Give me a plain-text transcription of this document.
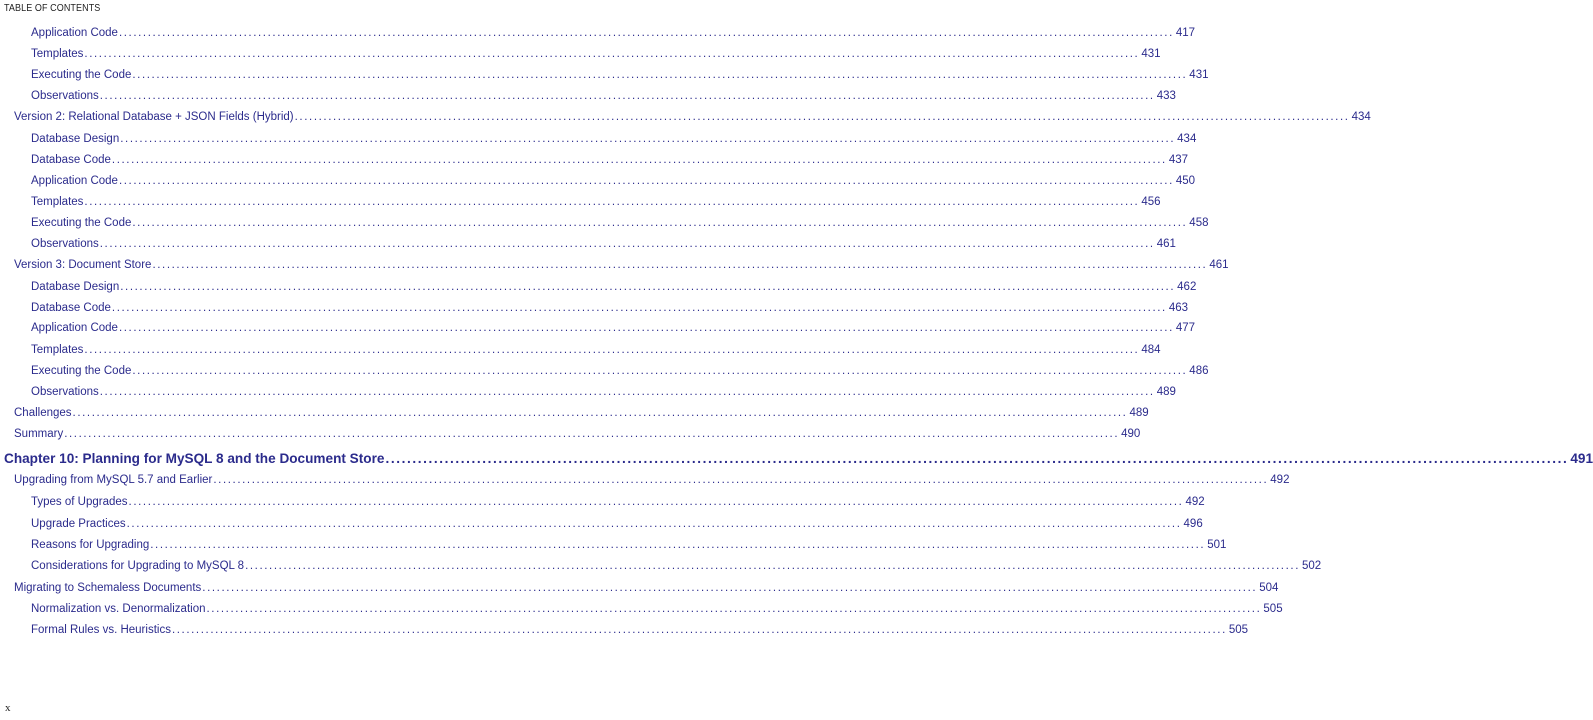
TABLE OF CONTENTS
Application Code ............................................................................................................................................................................................................................ 417
Templates ............................................................................................................................................................................................................................ 431
Executing the Code ............................................................................................................................................................................................................................ 431
Observations ............................................................................................................................................................................................................................ 433
Version 2: Relational Database + JSON Fields (Hybrid) ............................................................................................................................................................................................................................ 434
Database Design ............................................................................................................................................................................................................................ 434
Database Code ............................................................................................................................................................................................................................ 437
Application Code ............................................................................................................................................................................................................................ 450
Templates ............................................................................................................................................................................................................................ 456
Executing the Code ............................................................................................................................................................................................................................ 458
Observations ............................................................................................................................................................................................................................ 461
Version 3: Document Store ............................................................................................................................................................................................................................ 461
Database Design ............................................................................................................................................................................................................................ 462
Database Code ............................................................................................................................................................................................................................ 463
Application Code ............................................................................................................................................................................................................................ 477
Templates ............................................................................................................................................................................................................................ 484
Executing the Code ............................................................................................................................................................................................................................ 486
Observations ............................................................................................................................................................................................................................ 489
Challenges ............................................................................................................................................................................................................................ 489
Summary ............................................................................................................................................................................................................................ 490
Chapter 10: Planning for MySQL 8 and the Document Store ............................................................................................................................................................................................................................ 491
Upgrading from MySQL 5.7 and Earlier ............................................................................................................................................................................................................................ 492
Types of Upgrades ............................................................................................................................................................................................................................ 492
Upgrade Practices ............................................................................................................................................................................................................................ 496
Reasons for Upgrading ............................................................................................................................................................................................................................ 501
Considerations for Upgrading to MySQL 8 ............................................................................................................................................................................................................................ 502
Migrating to Schemaless Documents ............................................................................................................................................................................................................................ 504
Normalization vs. Denormalization ............................................................................................................................................................................................................................ 505
Formal Rules vs. Heuristics ............................................................................................................................................................................................................................ 505
x
